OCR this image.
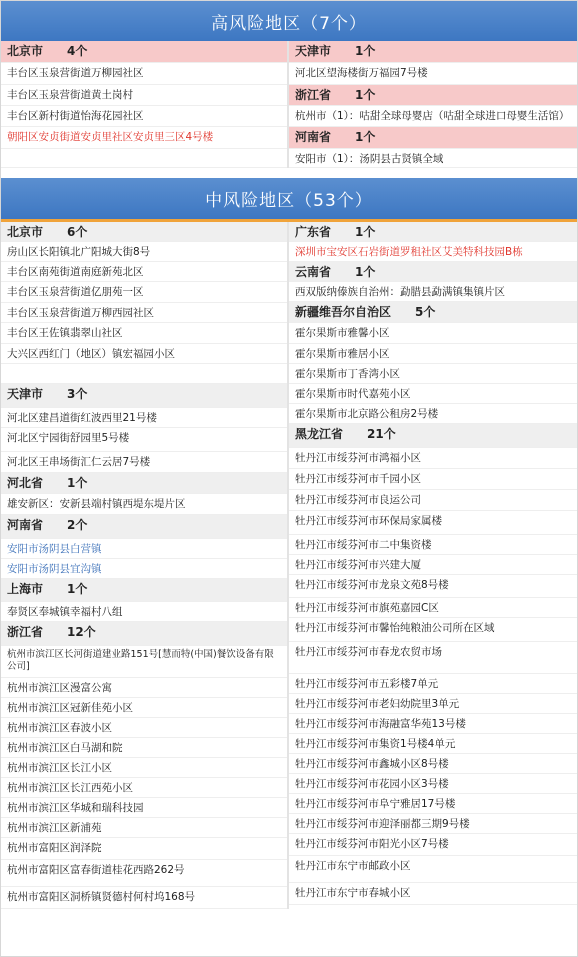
高风险地区（7个）
北京市 4个
丰台区玉泉营街道万柳园社区
丰台区玉泉营街道黄土岗村
丰台区新村街道怡海花园社区
朝阳区安贞街道安贞里社区安贞里三区4号楼
天津市 1个
河北区望海楼街万福园7号楼
浙江省 1个
杭州市（1）：咕甜全球母婴店（咕甜全球进口母婴生活馆）
河南省 1个
安阳市（1）：汤阴县古贤镇全域
中风险地区（53个）
北京市 6个
房山区长阳镇北广阳城大街8号
丰台区南苑街道南庭新苑北区
丰台区玉泉营街道亿朋苑一区
丰台区玉泉营街道万柳西园社区
丰台区王佐镇翡翠山社区
大兴区西红门（地区）镇宏福园小区
天津市 3个
河北区建昌道街红波西里21号楼
河北区宁园街舒园里5号楼
河北区王串场街汇仁云居7号楼
河北省 1个
雄安新区：安新县端村镇西堤东堤片区
河南省 2个
安阳市汤阴县白营镇
安阳市汤阴县宜沟镇
上海市 1个
奉贤区奉城镇幸福村八组
浙江省 12个
杭州市滨江区长河街道建业路151号[慧而特(中国)餐饮设备有限公司]
杭州市滨江区漫富公寓
杭州市滨江区冠新佳苑小区
杭州市滨江区春波小区
杭州市滨江区白马湖和院
杭州市滨江区长江小区
杭州市滨江区长江西苑小区
杭州市滨江区华城和瑞科技园
杭州市滨江区新浦苑
杭州市富阳区润泽院
杭州市富阳区富春街道桂花西路262号
杭州市富阳区洞桥镇贤德村何村坞168号
广东省 1个
深圳市宝安区石岩街道罗租社区艾美特科技园B栋
云南省 1个
西双版纳傣族自治州：勐腊县勐满镇集镇片区
新疆维吾尔自治区 5个
霍尔果斯市雅馨小区
霍尔果斯市雅居小区
霍尔果斯市丁香湾小区
霍尔果斯市时代嘉苑小区
霍尔果斯市北京路公租房2号楼
黑龙江省 21个
牡丹江市绥芬河市鸿福小区
牡丹江市绥芬河市千园小区
牡丹江市绥芬河市良运公司
牡丹江市绥芬河市环保局家属楼
牡丹江市绥芬河市二中集资楼
牡丹江市绥芬河市兴建大厦
牡丹江市绥芬河市龙泉文苑8号楼
牡丹江市绥芬河市旗苑嘉园C区
牡丹江市绥芬河市馨怡纯粮油公司所在区域
牡丹江市绥芬河市春龙农贸市场
牡丹江市绥芬河市五彩楼7单元
牡丹江市绥芬河市老妇幼院里3单元
牡丹江市绥芬河市海融富华苑13号楼
牡丹江市绥芬河市集资1号楼4单元
牡丹江市绥芬河市鑫城小区8号楼
牡丹江市绥芬河市花园小区3号楼
牡丹江市绥芬河市阜宁雅居17号楼
牡丹江市绥芬河市迎泽丽都三期9号楼
牡丹江市绥芬河市阳光小区7号楼
牡丹江市东宁市邮政小区
牡丹江市东宁市春城小区
